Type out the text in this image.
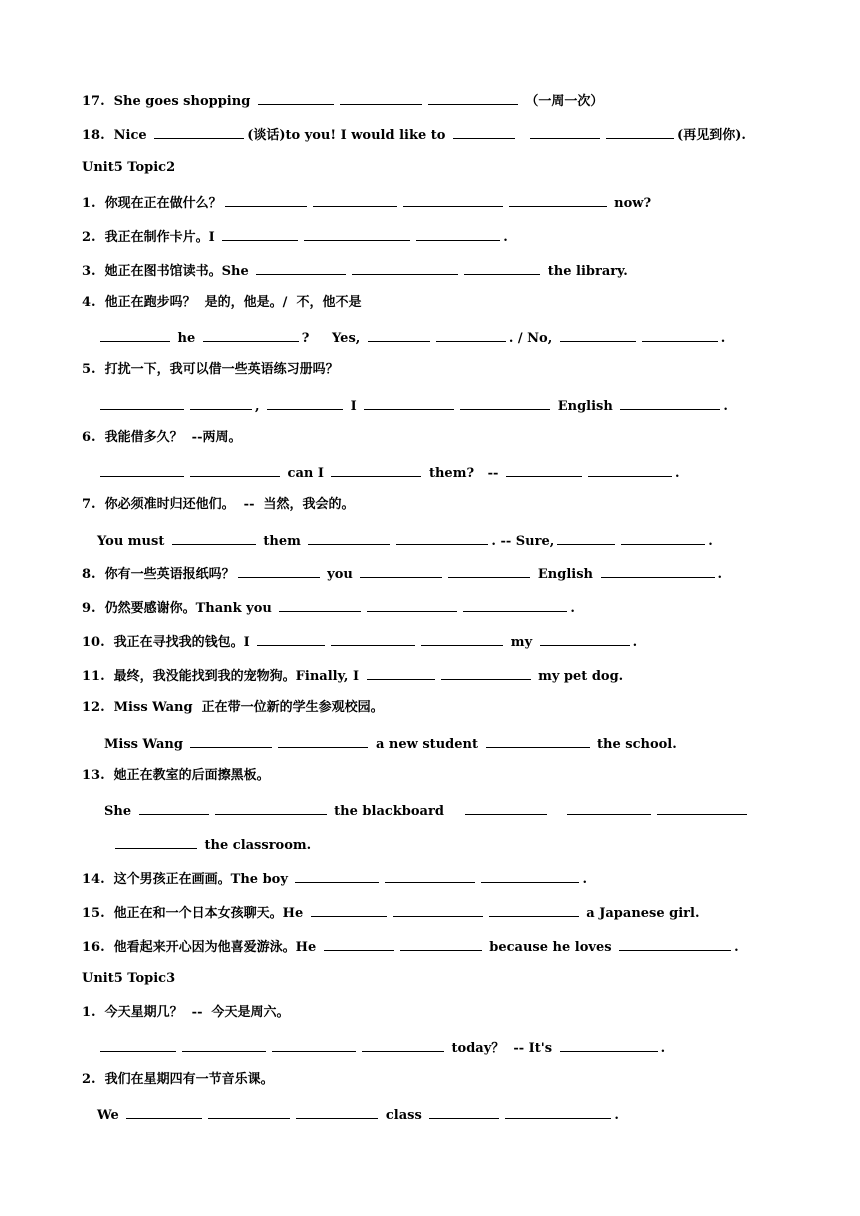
17.  She goes shopping	（一周一次）
18.  Nice	(谈话)to you! I would like to	(再见到你).
Unit5 Topic2
1.  你现在正在做什么？	now?
2.  我正在制作卡片。I	.
3.  她正在图书馆读书。She	the library.
4.  他正在跑步吗？  是的，他是。/  不，他不是
he	?     Yes,	. / No,	.
5.  打扰一下，我可以借一些英语练习册吗？
,	I	English	.
6.  我能借多久？  --两周。
can I	them?   --	.
7.  你必须准时归还他们。  --  当然，我会的。
You must	them	. -- Sure,	.
8.  你有一些英语报纸吗？	you	English	.
9.  仍然要感谢你。Thank you	.
10.  我正在寻找我的钱包。I	my	.
11.  最终，我没能找到我的宠物狗。Finally, I	my pet dog.
12.  Miss Wang  正在带一位新的学生参观校园。
Miss Wang	a new student	the school.
13.  她正在教室的后面擦黑板。
She	the blackboard
the classroom.
14.  这个男孩正在画画。The boy	.
15.  他正在和一个日本女孩聊天。He	a Japanese girl.
16.  他看起来开心因为他喜爱游泳。He	because he loves	.
Unit5 Topic3
1.  今天星期几？  --  今天是周六。
today？  -- It's	.
2.  我们在星期四有一节音乐课。
We	class	.
